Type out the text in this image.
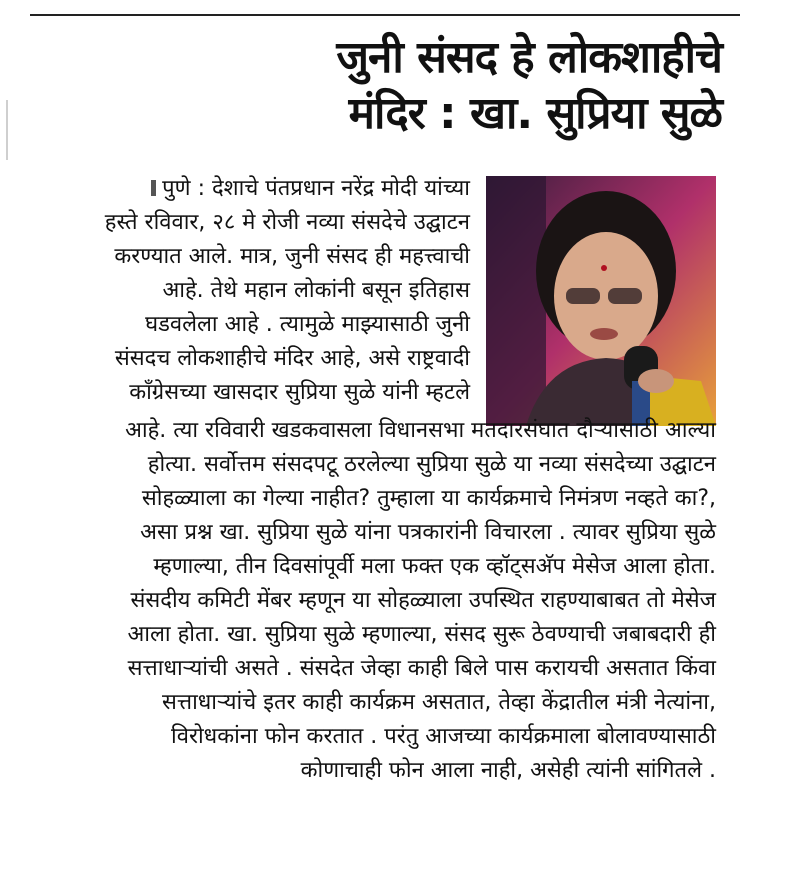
जुनी संसद हे लोकशाहीचे
मंदिर : खा. सुप्रिया सुळे
पुणे : देशाचे पंतप्रधान नरेंद्र मोदी यांच्या
हस्ते रविवार, २८ मे रोजी नव्या संसदेचे उद्घाटन
करण्यात आले. मात्र, जुनी संसद ही महत्त्वाची
आहे. तेथे महान लोकांनी बसून इतिहास
घडवलेला आहे . त्यामुळे माझ्यासाठी जुनी
संसदच लोकशाहीचे मंदिर आहे, असे राष्ट्रवादी
काँग्रेसच्या खासदार सुप्रिया सुळे यांनी म्हटले
आहे. त्या रविवारी खडकवासला विधानसभा मतदारसंघात दौऱ्यासाठी आल्या
होत्या. सर्वोत्तम संसदपटू ठरलेल्या सुप्रिया सुळे या नव्या संसदेच्या उद्घाटन
सोहळ्याला का गेल्या नाहीत? तुम्हाला या कार्यक्रमाचे निमंत्रण नव्हते का?,
असा प्रश्न खा. सुप्रिया सुळे यांना पत्रकारांनी विचारला . त्यावर सुप्रिया सुळे
म्हणाल्या, तीन दिवसांपूर्वी मला फक्त एक व्हॉट्सअ‍ॅप मेसेज आला होता.
संसदीय कमिटी मेंबर म्हणून या सोहळ्याला उपस्थित राहण्याबाबत तो मेसेज
आला होता. खा. सुप्रिया सुळे म्हणाल्या, संसद सुरू ठेवण्याची जबाबदारी ही
सत्ताधाऱ्यांची असते . संसदेत जेव्हा काही बिले पास करायची असतात किंवा
सत्ताधाऱ्यांचे इतर काही कार्यक्रम असतात, तेव्हा केंद्रातील मंत्री नेत्यांना,
विरोधकांना फोन करतात . परंतु आजच्या कार्यक्रमाला बोलावण्यासाठी
कोणाचाही फोन आला नाही, असेही त्यांनी सांगितले .
